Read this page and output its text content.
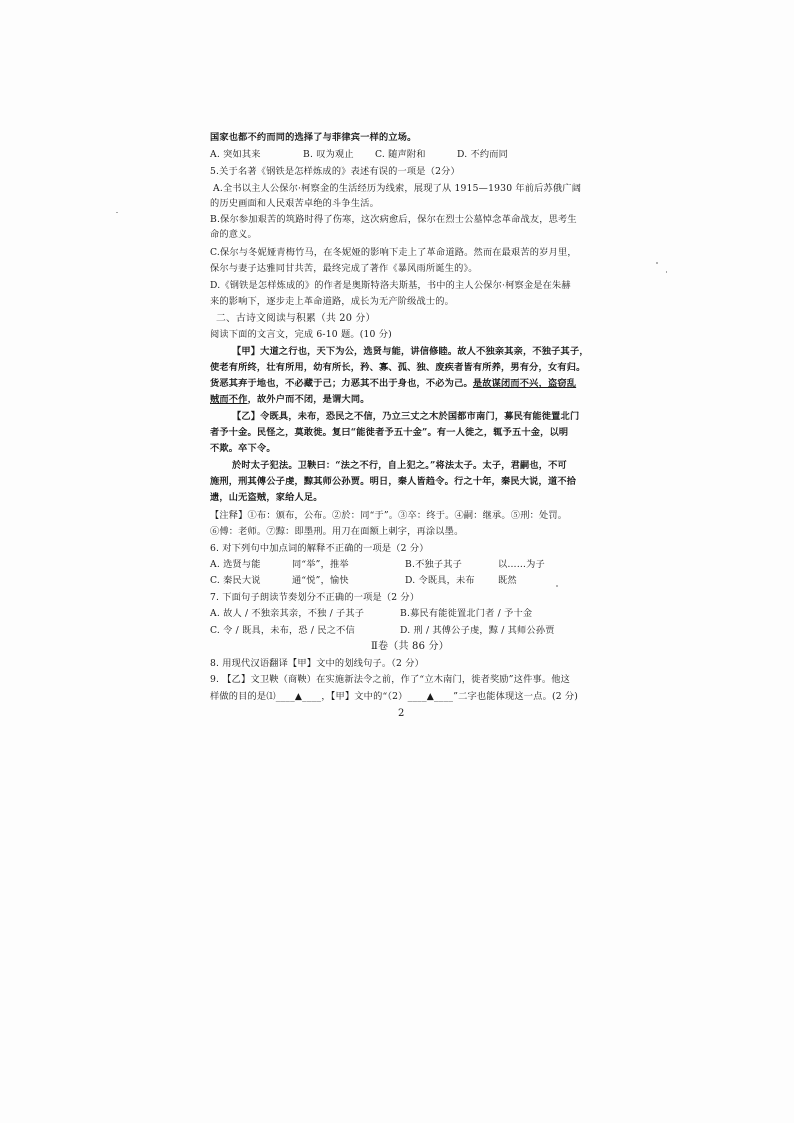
国家也都不约而同的选择了与菲律宾一样的立场。
A. 突如其来	B. 叹为观止 C. 随声附和	D. 不约而同
5.关于名著《钢铁是怎样炼成的》表述有误的一项是（2分）
A.全书以主人公保尔·柯察金的生活经历为线索，展现了从 1915—1930 年前后苏俄广阔
的历史画面和人民艰苦卓绝的斗争生活。
B.保尔参加艰苦的筑路时得了伤寒，这次病愈后，保尔在烈士公墓悼念革命战友，思考生
命的意义。
C.保尔与冬妮娅青梅竹马，在冬妮娅的影响下走上了革命道路。然而在最艰苦的岁月里，
保尔与妻子达雅同甘共苦，最终完成了著作《暴风雨所诞生的》。
D.《钢铁是怎样炼成的》的作者是奥斯特洛夫斯基，书中的主人公保尔·柯察金是在朱赫
来的影响下，逐步走上革命道路，成长为无产阶级战士的。
二、古诗文阅读与积累（共 20 分）
阅读下面的文言文，完成 6-10 题。(10 分)
【甲】大道之行也，天下为公，选贤与能，讲信修睦。故人不独亲其亲，不独子其子，
使老有所终，壮有所用，幼有所长，矜、寡、孤、独、废疾者皆有所养，男有分，女有归。
货恶其弃于地也，不必藏于己；力恶其不出于身也，不必为己。是故谋闭而不兴，盗窃乱
贼而不作，故外户而不闭，是谓大同。
【乙】令既具，未布，恐民之不信，乃立三丈之木於国都市南门，募民有能徙置北门
者予十金。民怪之，莫敢徙。复曰“能徙者予五十金”。有一人徙之，辄予五十金，以明
不欺。卒下令。
於时太子犯法。卫鞅曰：“法之不行，自上犯之。”将法太子。太子，君嗣也，不可
施刑，刑其傅公子虔，黥其师公孙贾。明日，秦人皆趋令。行之十年，秦民大说，道不拾
遗，山无盗贼，家给人足。
【注释】①布：颁布，公布。②於：同“于”。③卒：终于。④嗣：继承。⑤刑：处罚。
⑥傅：老师。⑦黥：即墨刑。用刀在面额上刺字，再涂以墨。
6. 对下列句中加点词的解释不正确的一项是（2 分）
A. 选贤与能	同“举”，推举	B.不独子其子	以……为子
C. 秦民大说	通“悦”，愉快	D. 令既具，未布	既然
7. 下面句子朗读节奏划分不正确的一项是（2 分）
A. 故人 / 不独亲其亲，不独 / 子其子	B.募民有能徙置北门者 / 予十金
C. 令 / 既具，未布，恐 / 民之不信	D. 刑 / 其傅公子虔，黥 / 其师公孙贾
Ⅱ卷（共 86 分）
8. 用现代汉语翻译【甲】文中的划线句子。（2 分）
9. 【乙】文卫鞅（商鞅）在实施新法令之前，作了“立木南门，徙者奖励”这件事。他这
样做的目的是⑴____▲____，【甲】文中的“（2）____▲____”二字也能体现这一点。(2 分)
2
